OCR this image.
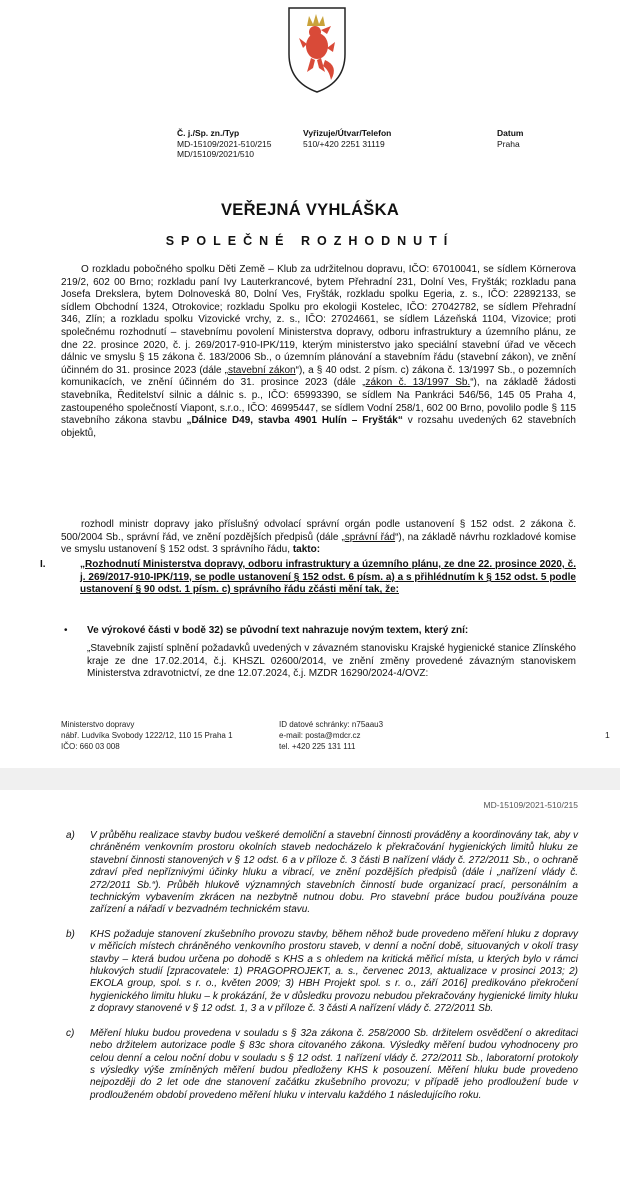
Č. j./Sp. zn./Typ
MD-15109/2021-510/215
MD/15109/2021/510
Vyřizuje/Útvar/Telefon
510/+420 2251 31119
Datum
Praha
VEŘEJNÁ VYHLÁŠKA
SPOLEČNÉ ROZHODNUTÍ
O rozkladu pobočného spolku Děti Země – Klub za udržitelnou dopravu, IČO: 67010041, se sídlem Körnerova 219/2, 602 00 Brno; rozkladu paní Ivy Lauterkrancové, bytem Přehradní 231, Dolní Ves, Fryšták; rozkladu pana Josefa Drekslera, bytem Dolnoveská 80, Dolní Ves, Fryšták, rozkladu spolku Egeria, z. s., IČO: 22892133, se sídlem Obchodní 1324, Otrokovice; rozkladu Spolku pro ekologii Kostelec, IČO: 27042782, se sídlem Přehradní 346, Zlín; a rozkladu spolku Vizovické vrchy, z. s., IČO: 27024661, se sídlem Lázeňská 1104, Vizovice; proti společnému rozhodnutí – stavebnímu povolení Ministerstva dopravy, odboru infrastruktury a územního plánu, ze dne 22. prosince 2020, č. j. 269/2017-910-IPK/119, kterým ministerstvo jako speciální stavební úřad ve věcech dálnic ve smyslu § 15 zákona č. 183/2006 Sb., o územním plánování a stavebním řádu (stavební zákon), ve znění účinném do 31. prosince 2023 (dále „stavební zákon“), a § 40 odst. 2 písm. c) zákona č. 13/1997 Sb., o pozemních komunikacích, ve znění účinném do 31. prosince 2023 (dále „zákon č. 13/1997 Sb.“), na základě žádosti stavebníka, Ředitelství silnic a dálnic s. p., IČO: 65993390, se sídlem Na Pankráci 546/56, 145 05 Praha 4, zastoupeného společností Viapont, s.r.o., IČO: 46995447, se sídlem Vodní 258/1, 602 00 Brno, povolilo podle § 115 stavebního zákona stavbu „Dálnice D49, stavba 4901 Hulín – Fryšták“ v rozsahu uvedených 62 stavebních objektů,
rozhodl ministr dopravy jako příslušný odvolací správní orgán podle ustanovení § 152 odst. 2 zákona č. 500/2004 Sb., správní řád, ve znění pozdějších předpisů (dále „správní řád“), na základě návrhu rozkladové komise ve smyslu ustanovení § 152 odst. 3 správního řádu, takto:
I.	„Rozhodnutí Ministerstva dopravy, odboru infrastruktury a územního plánu, ze dne 22. prosince 2020, č. j. 269/2017-910-IPK/119, se podle ustanovení § 152 odst. 6 písm. a) a s přihlédnutím k § 152 odst. 5 podle ustanovení § 90 odst. 1 písm. c) správního řádu zčásti mění tak, že:
• Ve výrokové části v bodě 32) se původní text nahrazuje novým textem, který zní:
„Stavebník zajistí splnění požadavků uvedených v závazném stanovisku Krajské hygienické stanice Zlínského kraje ze dne 17.02.2014, č.j. KHSZL 02600/2014, ve znění změny provedené závazným stanoviskem Ministerstva zdravotnictví, ze dne 12.07.2024, č.j. MZDR 16290/2024-4/OVZ:
Ministerstvo dopravy
nábř. Ludvíka Svobody 1222/12, 110 15 Praha 1
IČO: 660 03 008
ID datové schránky: n75aau3
e-mail: posta@mdcr.cz
tel. +420 225 131 111
1
MD-15109/2021-510/215
a)	V průběhu realizace stavby budou veškeré demoliční a stavební činnosti prováděny a koordinovány tak, aby v chráněném venkovním prostoru okolních staveb nedocházelo k překračování hygienických limitů hluku ze stavební činnosti stanovených v § 12 odst. 6 a v příloze č. 3 části B nařízení vlády č. 272/2011 Sb., o ochraně zdraví před nepříznivými účinky hluku a vibrací, ve znění pozdějších předpisů (dále i „nařízení vlády č. 272/2011 Sb.“). Průběh hlukově významných stavebních činností bude organizací prací, personálním a technickým vybavením zkrácen na nezbytně nutnou dobu. Pro stavební práce budou používána pouze zařízení a nářadí v bezvadném technickém stavu.
b)	KHS požaduje stanovení zkušebního provozu stavby, během něhož bude provedeno měření hluku z dopravy v měřicích místech chráněného venkovního prostoru staveb, v denní a noční době, situovaných v okolí trasy stavby – která budou určena po dohodě s KHS a s ohledem na kritická měřicí místa, u kterých bylo v rámci hlukových studií [zpracovatele: 1) PRAGOPROJEKT, a. s., červenec 2013, aktualizace v prosinci 2013; 2) EKOLA group, spol. s r. o., květen 2009; 3) HBH Projekt spol. s r. o., září 2016] predikováno překročení hygienického limitu hluku – k prokázání, že v důsledku provozu nebudou překračovány hygienické limity hluku z dopravy stanovené v § 12 odst. 1, 3 a v příloze č. 3 části A nařízení vlády č. 272/2011 Sb.
c)	Měření hluku budou provedena v souladu s § 32a zákona č. 258/2000 Sb. držitelem osvědčení o akreditaci nebo držitelem autorizace podle § 83c shora citovaného zákona. Výsledky měření budou vyhodnoceny pro celou denní a celou noční dobu v souladu s § 12 odst. 1 nařízení vlády č. 272/2011 Sb., laboratorní protokoly s výsledky výše zmíněných měření budou předloženy KHS k posouzení. Měření hluku bude provedeno nejpozději do 2 let ode dne stanovení začátku zkušebního provozu; v případě jeho prodloužení bude v prodlouženém období provedeno měření hluku v intervalu každého 1 následujícího roku.
